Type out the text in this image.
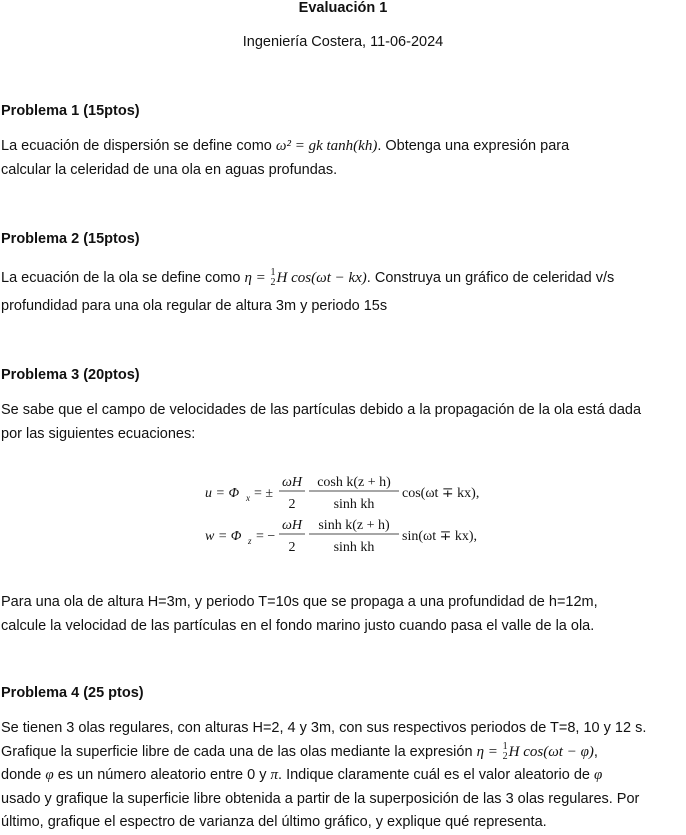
Evaluación 1
Ingeniería Costera, 11-06-2024
Problema 1 (15ptos)
La ecuación de dispersión se define como ω² = gk tanh(kh). Obtenga una expresión para
calcular la celeridad de una ola en aguas profundas.
Problema 2 (15ptos)
La ecuación de la ola se define como η = 1
2 H cos(ωt − kx). Construya un gráfico de celeridad v/s
profundidad para una ola regular de altura 3m y periodo 15s
Problema 3 (20ptos)
Se sabe que el campo de velocidades de las partículas debido a la propagación de la ola está dada
por las siguientes ecuaciones:
u = Φ x = ±
ωH
2
cosh k(z + h)
sinh kh
cos(ωt ∓ kx),
w = Φ z = −
ωH
2
sinh k(z + h)
sinh kh
sin(ωt ∓ kx),
Para una ola de altura H=3m, y periodo T=10s que se propaga a una profundidad de h=12m,
calcule la velocidad de las partículas en el fondo marino justo cuando pasa el valle de la ola.
Problema 4 (25 ptos)
Se tienen 3 olas regulares, con alturas H=2, 4 y 3m, con sus respectivos periodos de T=8, 10 y 12 s.
Grafique la superficie libre de cada una de las olas mediante la expresión η = 1
2 H cos(ωt − φ),
donde φ es un número aleatorio entre 0 y π. Indique claramente cuál es el valor aleatorio de φ
usado y grafique la superficie libre obtenida a partir de la superposición de las 3 olas regulares. Por
último, grafique el espectro de varianza del último gráfico, y explique qué representa.
